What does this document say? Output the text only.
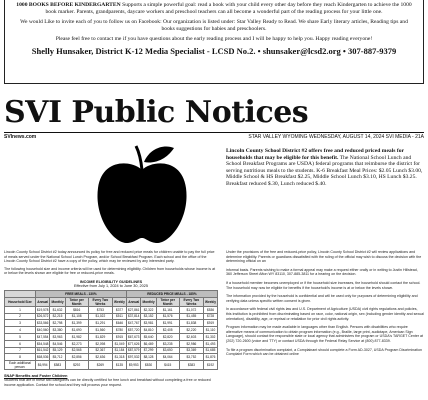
1000 BOOKS BEFORE KINDERGARTEN Supports a simple powerful goal: read a book with your child every other day before they reach Kindergarten to achieve the 1000 book marker. Parents, grandparents, daycare workers and preschool teachers can all become a wonderful part of the reading process for your little one.

We would Like to invite each of you to follow us on Facebook: Our organization is listed under: Star Valley Ready to Read. We share Early literary articles, Reading tips and books suggestions for babies and preschoolers.

Please feel free to contact me if you have questions about the early reading process and I will be happy to help you. Happy reading everyone!

Shelly Hunsaker, District K-12 Media Specialist - LCSD No.2. • shunsaker@lcsd2.org • 307-887-9379
SVI Public Notices
SVInews.com	STAR VALLEY WYOMING WEDNESDAY, AUGUST 14, 2024 SVI MEDIA - 21A

Lincoln County School District #2 offers free and reduced priced meals for households that may be eligible for this benefit. The National School Lunch and School Breakfast Programs are USDA) federal programs that reimburse the district for serving nutritious meals to the students. K-6 Breakfast Meal Prices: $2.05 Lunch $3.00, Middle School & HS Breakfast $2.25, Middle School Lunch $3.10, HS Lunch $3.25. Breakfast reduced $.30, Lunch reduced $.40.

Lincoln County School District #2 today announced its policy for free and reduced price meals for children unable to pay the full price of meals served under the National School Lunch Program, and/or School Breakfast Program. Each school and the office of the Lincoln County School District #2 have a copy of the policy, which may be reviewed by any interested party.

The following household size and income criteria will be used for determining eligibility. Children from households whose income is at or below the levels shown are eligible for free or reduced-price meals.

INCOME ELIGIBILITY GUIDELINES
Effective from July 1, 2024 to June 30, 2025
	FREE MEALS - 130%					REDUCED PRICE MEALS - 185%				
Household Size	Annual	Monthly	Twice per Month	Every Two Weeks	Weekly	Annual	Monthly	Twice per Month	Every Two Weeks	Weekly
1	$19,578	$1,632	$816	$753	$377	$27,861	$2,322	$1,161	$1,072	$536
2	$26,572	$2,215	$1,108	$1,022	$511	$37,814	$3,152	$1,576	$1,455	$728
3	$33,566	$2,798	$1,399	$1,291	$646	$47,767	$3,981	$1,991	$1,838	$919
4	$40,560	$3,380	$1,690	$1,560	$780	$57,720	$4,810	$2,405	$2,220	$1,110
5	$47,554	$3,963	$1,982	$1,829	$915	$67,673	$5,640	$2,820	$2,603	$1,302
6	$54,548	$4,546	$2,273	$2,098	$1,049	$77,626	$6,469	$3,235	$2,986	$1,493
7	$61,542	$5,129	$2,565	$2,367	$1,184	$87,579	$7,299	$3,650	$3,369	$1,685
8	$68,536	$5,712	$2,856	$2,636	$1,318	$97,532	$8,128	$4,064	$3,752	$1,876
Each additional person:	$6,994	$583	$292	$269	$135	$9,953	$830	$415	$383	$192
SNAP Benefits and Foster Children

Students that are in these two categories can be directly certified for free lunch and breakfast without completing a free or reduced income application. Contact the school and they will process your request.

Under the provisions of the free and reduced-price policy, Lincoln County School District #2 will review applications and determine eligibility. Parents or guardians dissatisfied with the ruling of the official may wish to discuss the decision with the determining official on an

informal basis. Parents wishing to make a formal appeal may make a request either orally or in writing to Justin Hillstead, 360 Jefferson Street Afton WY 83110, 307-885-3811 for a hearing on the decision.

If a household member becomes unemployed or if the household size increases, the household should contact the school. The household may now be eligible for benefits if the household's income is at or below the levels shown.

The information provided by the household is confidential and will be used only for purposes of determining eligibility and verifying data unless specific written consent is given.

In accordance with federal civil rights law and U.S. Department of Agriculture (USDA) civil rights regulations and policies, this institution is prohibited from discriminating based on race, color, national origin, sex (including gender identity and sexual orientation), disability, age, or reprisal or retaliation for prior civil rights activity.

Program information may be made available in languages other than English. Persons with disabilities who require alternative means of communication to obtain program information (e.g., Braille, large print, audiotape, American Sign Language), should contact the responsible state or local agency that administers the program or USDA's TARGET Center at (202) 720-2600 (voice and TTY) or contact USDA through the Federal Relay Service at (800) 877-8339.

To file a program discrimination complaint, a Complainant should complete a Form AD-3027, USDA Program Discrimination Complaint Form which can be obtained online
